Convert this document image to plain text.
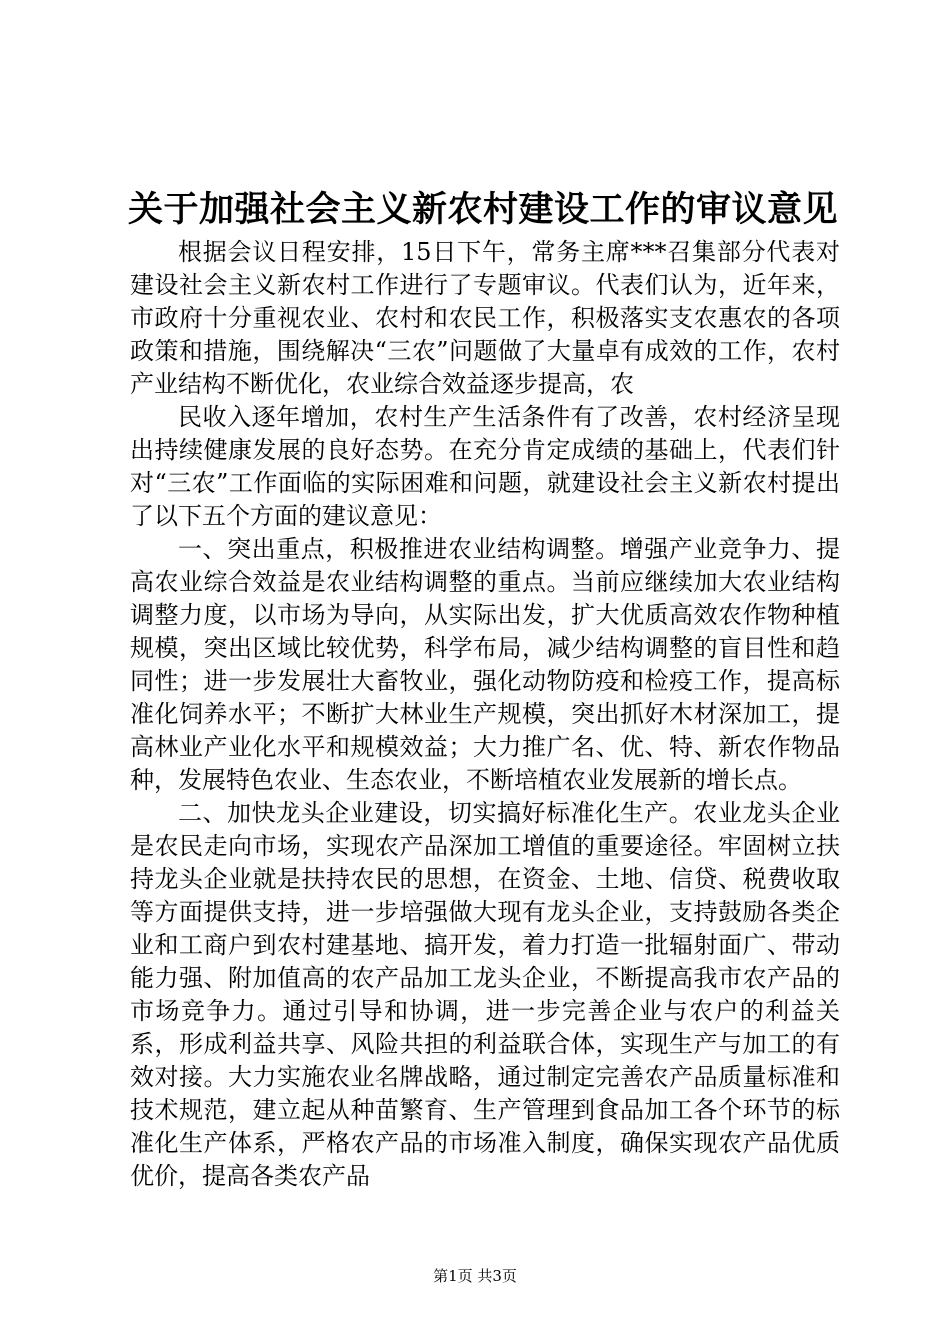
关于加强社会主义新农村建设工作的审议意见

根据会议日程安排，15日下午，常务主席***召集部分代表对建设社会主义新农村工作进行了专题审议。代表们认为，近年来，市政府十分重视农业、农村和农民工作，积极落实支农惠农的各项政策和措施，围绕解决“三农”问题做了大量卓有成效的工作，农村产业结构不断优化，农业综合效益逐步提高，农

民收入逐年增加，农村生产生活条件有了改善，农村经济呈现出持续健康发展的良好态势。在充分肯定成绩的基础上，代表们针对“三农”工作面临的实际困难和问题，就建设社会主义新农村提出了以下五个方面的建议意见：

一、突出重点，积极推进农业结构调整。增强产业竞争力、提高农业综合效益是农业结构调整的重点。当前应继续加大农业结构调整力度，以市场为导向，从实际出发，扩大优质高效农作物种植规模，突出区域比较优势，科学布局，减少结构调整的盲目性和趋同性；进一步发展壮大畜牧业，强化动物防疫和检疫工作，提高标准化饲养水平；不断扩大林业生产规模，突出抓好木材深加工，提高林业产业化水平和规模效益；大力推广名、优、特、新农作物品种，发展特色农业、生态农业，不断培植农业发展新的增长点。

二、加快龙头企业建设，切实搞好标准化生产。农业龙头企业是农民走向市场，实现农产品深加工增值的重要途径。牢固树立扶持龙头企业就是扶持农民的思想，在资金、土地、信贷、税费收取等方面提供支持，进一步培强做大现有龙头企业，支持鼓励各类企业和工商户到农村建基地、搞开发，着力打造一批辐射面广、带动能力强、附加值高的农产品加工龙头企业，不断提高我市农产品的市场竞争力。通过引导和协调，进一步完善企业与农户的利益关系，形成利益共享、风险共担的利益联合体，实现生产与加工的有效对接。大力实施农业名牌战略，通过制定完善农产品质量标准和技术规范，建立起从种苗繁育、生产管理到食品加工各个环节的标准化生产体系，严格农产品的市场准入制度，确保实现农产品优质优价，提高各类农产品

第1页 共3页
